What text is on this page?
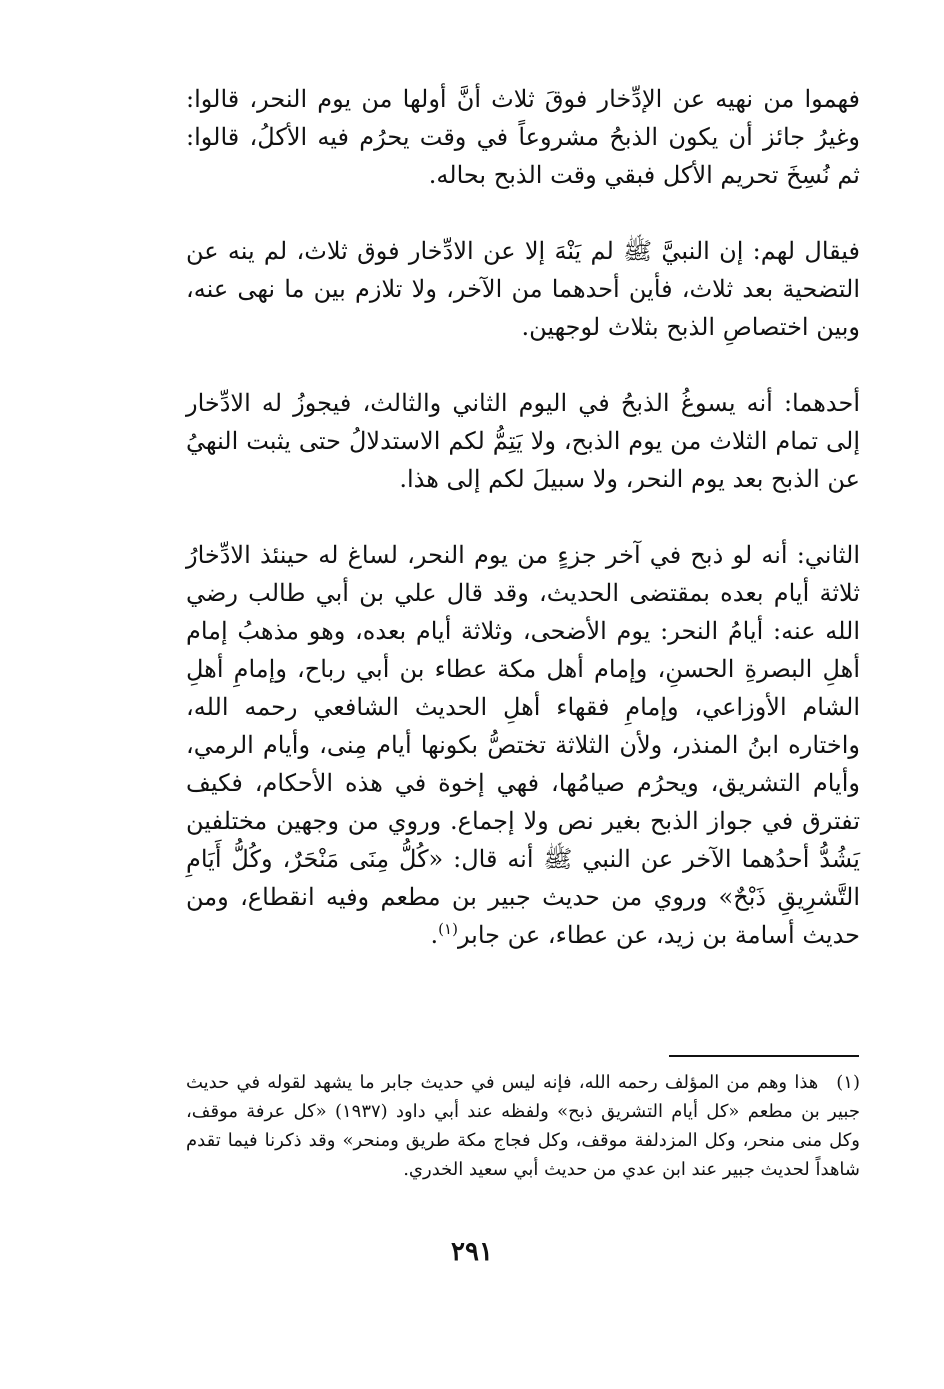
فهموا من نهيه عن الإدِّخار فوقَ ثلاث أنَّ أولها من يوم النحر، قالوا: وغيرُ جائز أن يكون الذبحُ مشروعاً في وقت يحرُم فيه الأكلُ، قالوا: ثم نُسِخَ تحريم الأكل فبقي وقت الذبح بحاله.

فيقال لهم: إن النبيَّ ﷺ لم يَنْهَ إلا عن الادِّخار فوق ثلاث، لم ينه عن التضحية بعد ثلاث، فأين أحدهما من الآخر، ولا تلازم بين ما نهى عنه، وبين اختصاصِ الذبح بثلاث لوجهين.

أحدهما: أنه يسوغُ الذبحُ في اليوم الثاني والثالث، فيجوزُ له الادِّخار إلى تمام الثلاث من يوم الذبح، ولا يَتِمُّ لكم الاستدلالُ حتى يثبت النهيُ عن الذبح بعد يوم النحر، ولا سبيلَ لكم إلى هذا.

الثاني: أنه لو ذبح في آخر جزءٍ من يوم النحر، لساغ له حينئذ الادِّخارُ ثلاثة أيام بعده بمقتضى الحديث، وقد قال علي بن أبي طالب رضي الله عنه: أيامُ النحر: يوم الأضحى، وثلاثة أيام بعده، وهو مذهبُ إمام أهلِ البصرةِ الحسنِ، وإمام أهل مكة عطاء بن أبي رباح، وإمامِ أهلِ الشام الأوزاعي، وإمامِ فقهاء أهلِ الحديث الشافعي رحمه الله، واختاره ابنُ المنذر، ولأن الثلاثة تختصُّ بكونها أيام مِنى، وأيام الرمي، وأيام التشريق، ويحرُم صيامُها، فهي إخوة في هذه الأحكام، فكيف تفترق في جواز الذبح بغير نص ولا إجماع. وروي من وجهين مختلفين يَشُدُّ أحدُهما الآخر عن النبي ﷺ أنه قال: «كُلُّ مِنَى مَنْحَرٌ، وكُلُّ أَيَامِ التَّشرِيقِ ذَبْحٌ» وروي من حديث جبير بن مطعم وفيه انقطاع، ومن حديث أسامة بن زيد، عن عطاء، عن جابر$^{(١)}$.

(١)هذا وهم من المؤلف رحمه الله، فإنه ليس في حديث جابر ما يشهد لقوله في حديث جبير بن مطعم «كل أيام التشريق ذبح» ولفظه عند أبي داود (١٩٣٧) «كل عرفة موقف، وكل منى منحر، وكل المزدلفة موقف، وكل فجاج مكة طريق ومنحر» وقد ذكرنا فيما تقدم شاهداً لحديث جبير عند ابن عدي من حديث أبي سعيد الخدري.
٢٩١
